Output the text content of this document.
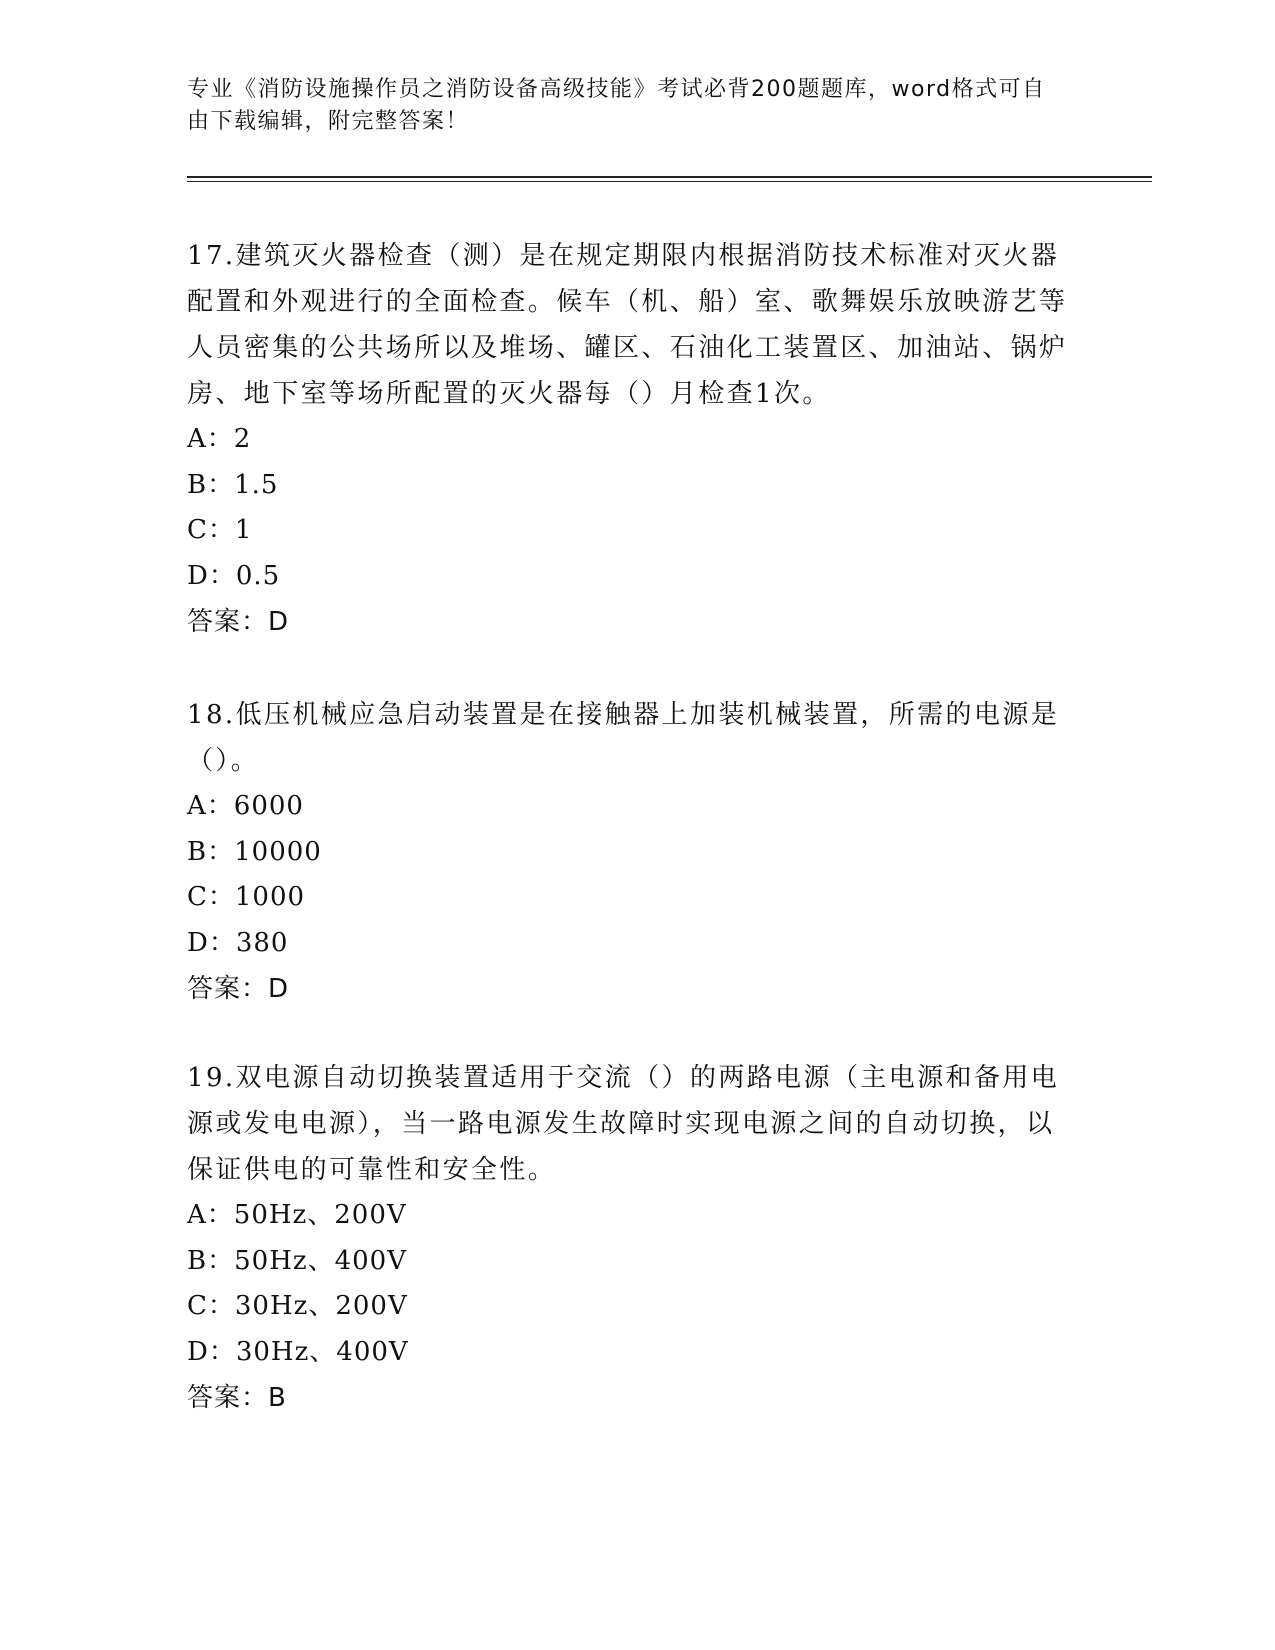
专业《消防设施操作员之消防设备高级技能》考试必背200题题库，word格式可自由下载编辑，附完整答案！

17.建筑灭火器检查（测）是在规定期限内根据消防技术标准对灭火器配置和外观进行的全面检查。候车（机、船）室、歌舞娱乐放映游艺等人员密集的公共场所以及堆场、罐区、石油化工装置区、加油站、锅炉房、地下室等场所配置的灭火器每（）月检查1次。

A：2

B：1.5

C：1

D：0.5

答案：D

18.低压机械应急启动装置是在接触器上加装机械装置，所需的电源是（）。

A：6000

B：10000

C：1000

D：380

答案：D

19.双电源自动切换装置适用于交流（）的两路电源（主电源和备用电源或发电电源），当一路电源发生故障时实现电源之间的自动切换，以保证供电的可靠性和安全性。

A：50Hz、200V

B：50Hz、400V

C：30Hz、200V

D：30Hz、400V

答案：B
